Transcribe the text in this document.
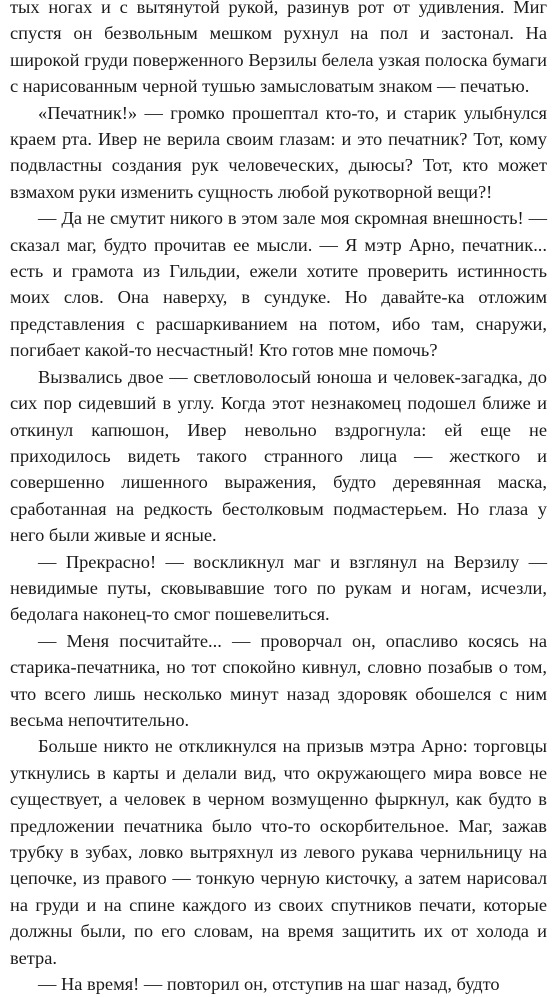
тых ногах и с вытянутой рукой, разинув рот от удивления. Миг спустя он безвольным мешком рухнул на пол и застонал. На широкой груди поверженного Верзилы белела узкая полоска бумаги с нарисованным черной тушью замысловатым знаком — печатью.

«Печатник!» — громко прошептал кто-то, и старик улыбнулся краем рта. Ивер не верила своим глазам: и это печатник? Тот, кому подвластны создания рук человеческих, дыюсы? Тот, кто может взмахом руки изменить сущность любой рукотворной вещи?!

— Да не смутит никого в этом зале моя скромная внешность! — сказал маг, будто прочитав ее мысли. — Я мэтр Арно, печатник... есть и грамота из Гильдии, ежели хотите проверить истинность моих слов. Она наверху, в сундуке. Но давайте-ка отложим представления с расшаркиванием на потом, ибо там, снаружи, погибает какой-то несчастный! Кто готов мне помочь?

Вызвались двое — светловолосый юноша и человек-загадка, до сих пор сидевший в углу. Когда этот незнакомец подошел ближе и откинул капюшон, Ивер невольно вздрогнула: ей еще не приходилось видеть такого странного лица — жесткого и совершенно лишенного выражения, будто деревянная маска, сработанная на редкость бестолковым подмастерьем. Но глаза у него были живые и ясные.

— Прекрасно! — воскликнул маг и взглянул на Верзилу — невидимые путы, сковывавшие того по рукам и ногам, исчезли, бедолага наконец-то смог пошевелиться.

— Меня посчитайте... — проворчал он, опасливо косясь на старика-печатника, но тот спокойно кивнул, словно позабыв о том, что всего лишь несколько минут назад здоровяк обошелся с ним весьма непочтительно.

Больше никто не откликнулся на призыв мэтра Арно: торговцы уткнулись в карты и делали вид, что окружающего мира вовсе не существует, а человек в черном возмущенно фыркнул, как будто в предложении печатника было что-то оскорбительное. Маг, зажав трубку в зубах, ловко вытряхнул из левого рукава чернильницу на цепочке, из правого — тонкую черную кисточку, а затем нарисовал на груди и на спине каждого из своих спутников печати, которые должны были, по его словам, на время защитить их от холода и ветра.

— На время! — повторил он, отступив на шаг назад, будто
